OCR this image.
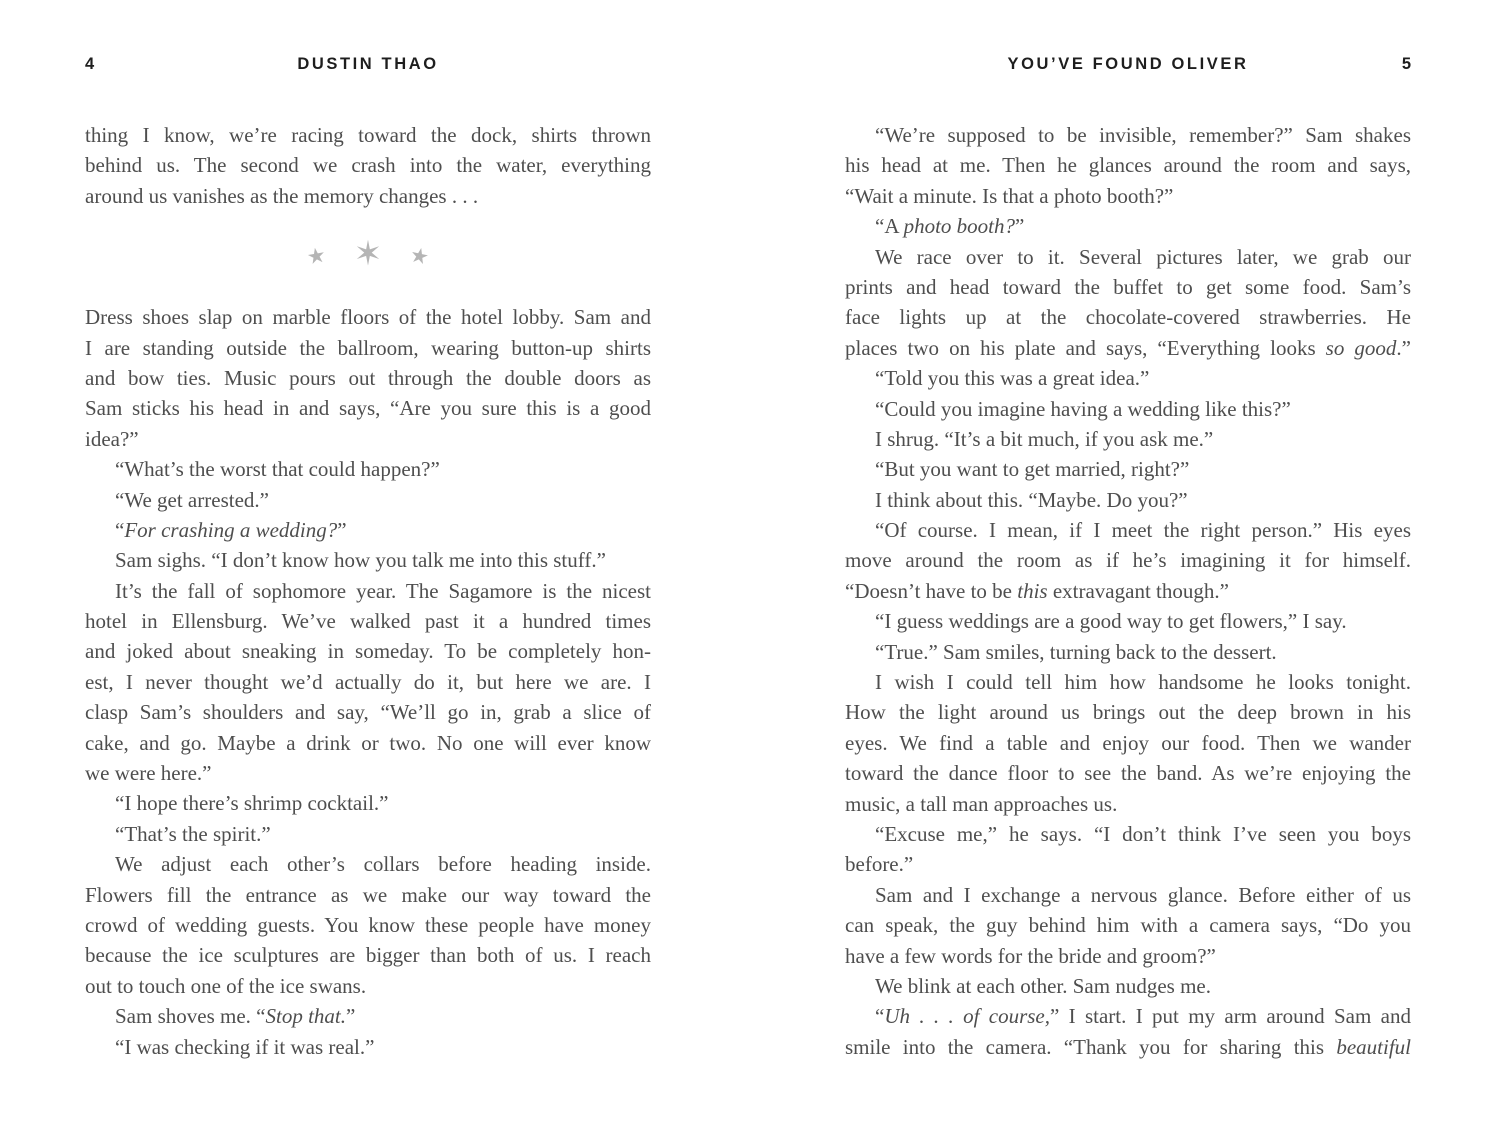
4	DUSTIN THAO
thing I know, we’re racing toward the dock, shirts thrown
behind us. The second we crash into the water, everything
around us vanishes as the memory changes . . .
★ ✶ ★
Dress shoes slap on marble floors of the hotel lobby. Sam and
I are standing outside the ballroom, wearing button-up shirts
and bow ties. Music pours out through the double doors as
Sam sticks his head in and says, “Are you sure this is a good
idea?”
“What’s the worst that could happen?”
“We get arrested.”
“For crashing a wedding?”
Sam sighs. “I don’t know how you talk me into this stuff.”
It’s the fall of sophomore year. The Sagamore is the nicest
hotel in Ellensburg. We’ve walked past it a hundred times
and joked about sneaking in someday. To be completely hon-
est, I never thought we’d actually do it, but here we are. I
clasp Sam’s shoulders and say, “We’ll go in, grab a slice of
cake, and go. Maybe a drink or two. No one will ever know
we were here.”
“I hope there’s shrimp cocktail.”
“That’s the spirit.”
We adjust each other’s collars before heading inside.
Flowers fill the entrance as we make our way toward the
crowd of wedding guests. You know these people have money
because the ice sculptures are bigger than both of us. I reach
out to touch one of the ice swans.
Sam shoves me. “Stop that.”
“I was checking if it was real.”
YOU’VE FOUND OLIVER	5
“We’re supposed to be invisible, remember?” Sam shakes
his head at me. Then he glances around the room and says,
“Wait a minute. Is that a photo booth?”
“A photo booth?”
We race over to it. Several pictures later, we grab our
prints and head toward the buffet to get some food. Sam’s
face lights up at the chocolate-covered strawberries. He
places two on his plate and says, “Everything looks so good.”
“Told you this was a great idea.”
“Could you imagine having a wedding like this?”
I shrug. “It’s a bit much, if you ask me.”
“But you want to get married, right?”
I think about this. “Maybe. Do you?”
“Of course. I mean, if I meet the right person.” His eyes
move around the room as if he’s imagining it for himself.
“Doesn’t have to be this extravagant though.”
“I guess weddings are a good way to get flowers,” I say.
“True.” Sam smiles, turning back to the dessert.
I wish I could tell him how handsome he looks tonight.
How the light around us brings out the deep brown in his
eyes. We find a table and enjoy our food. Then we wander
toward the dance floor to see the band. As we’re enjoying the
music, a tall man approaches us.
“Excuse me,” he says. “I don’t think I’ve seen you boys
before.”
Sam and I exchange a nervous glance. Before either of us
can speak, the guy behind him with a camera says, “Do you
have a few words for the bride and groom?”
We blink at each other. Sam nudges me.
“Uh . . . of course,” I start. I put my arm around Sam and
smile into the camera. “Thank you for sharing this beautiful
